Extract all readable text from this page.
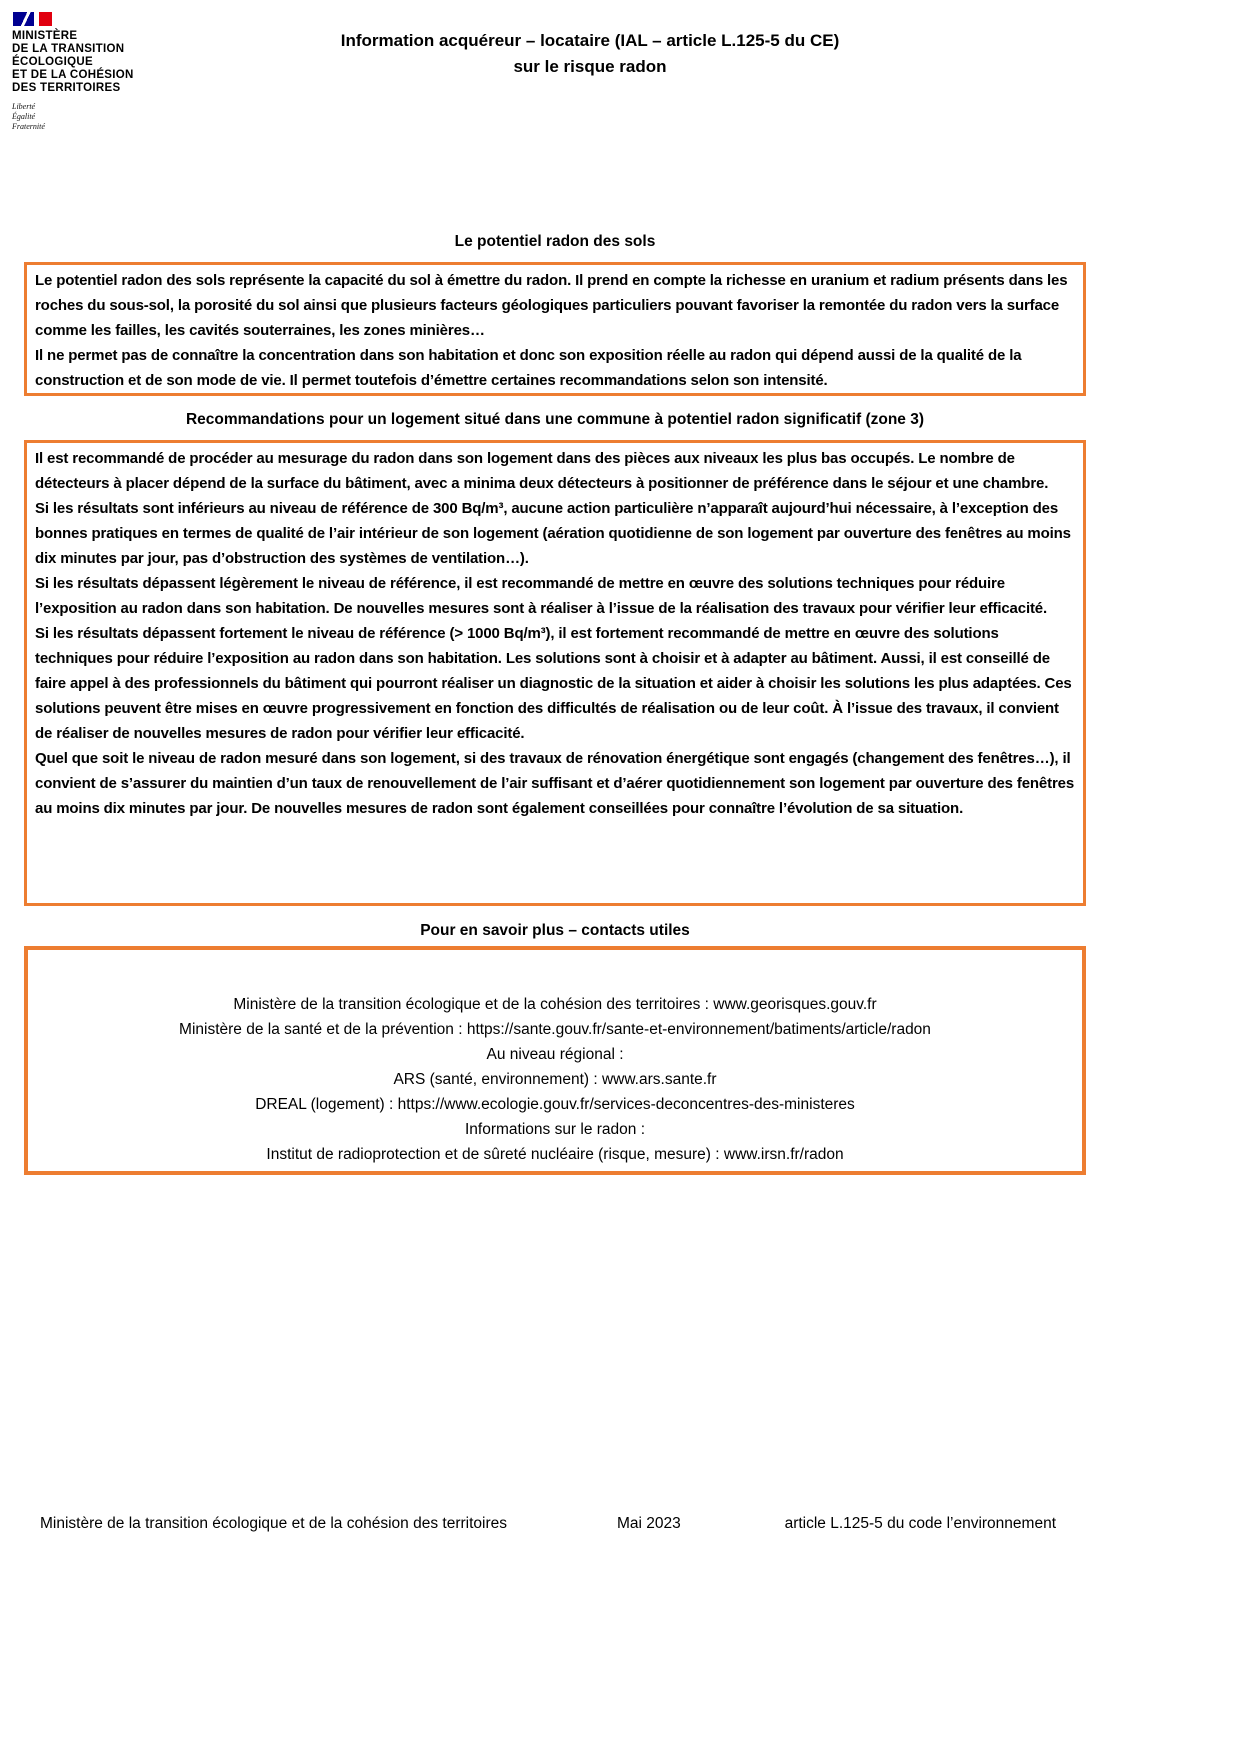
MINISTÈRE
DE LA TRANSITION
ÉCOLOGIQUE
ET DE LA COHÉSION
DES TERRITOIRES
Liberté
Égalité
Fraternité
Information acquéreur – locataire (IAL – article L.125-5 du CE)
sur le risque radon
Le potentiel radon des sols

Le potentiel radon des sols représente la capacité du sol à émettre du radon. Il prend en compte la richesse en uranium et radium présents dans les roches du sous-sol, la porosité du sol ainsi que plusieurs facteurs géologiques particuliers pouvant favoriser la remontée du radon vers la surface comme les failles, les cavités souterraines, les zones minières…

Il ne permet pas de connaître la concentration dans son habitation et donc son exposition réelle au radon qui dépend aussi de la qualité de la construction et de son mode de vie. Il permet toutefois d’émettre certaines recommandations selon son intensité.

Recommandations pour un logement situé dans une commune à potentiel radon significatif (zone 3)

Il est recommandé de procéder au mesurage du radon dans son logement dans des pièces aux niveaux les plus bas occupés. Le nombre de détecteurs à placer dépend de la surface du bâtiment, avec a minima deux détecteurs à positionner de préférence dans le séjour et une chambre.

Si les résultats sont inférieurs au niveau de référence de 300 Bq/m³, aucune action particulière n’apparaît aujourd’hui nécessaire, à l’exception des bonnes pratiques en termes de qualité de l’air intérieur de son logement (aération quotidienne de son logement par ouverture des fenêtres au moins dix minutes par jour, pas d’obstruction des systèmes de ventilation…).

Si les résultats dépassent légèrement le niveau de référence, il est recommandé de mettre en œuvre des solutions techniques pour réduire l’exposition au radon dans son habitation. De nouvelles mesures sont à réaliser à l’issue de la réalisation des travaux pour vérifier leur efficacité.

Si les résultats dépassent fortement le niveau de référence (> 1000 Bq/m³), il est fortement recommandé de mettre en œuvre des solutions techniques pour réduire l’exposition au radon dans son habitation. Les solutions sont à choisir et à adapter au bâtiment. Aussi, il est conseillé de faire appel à des professionnels du bâtiment qui pourront réaliser un diagnostic de la situation et aider à choisir les solutions les plus adaptées. Ces solutions peuvent être mises en œuvre progressivement en fonction des difficultés de réalisation ou de leur coût. À l’issue des travaux, il convient de réaliser de nouvelles mesures de radon pour vérifier leur efficacité.

Quel que soit le niveau de radon mesuré dans son logement, si des travaux de rénovation énergétique sont engagés (changement des fenêtres…), il convient de s’assurer du maintien d’un taux de renouvellement de l’air suffisant et d’aérer quotidiennement son logement par ouverture des fenêtres au moins dix minutes par jour. De nouvelles mesures de radon sont également conseillées pour connaître l’évolution de sa situation.

Pour en savoir plus – contacts utiles
Ministère de la transition écologique et de la cohésion des territoires : www.georisques.gouv.fr
Ministère de la santé et de la prévention : https://sante.gouv.fr/sante-et-environnement/batiments/article/radon
Au niveau régional :
ARS (santé, environnement) : www.ars.sante.fr
DREAL (logement) : https://www.ecologie.gouv.fr/services-deconcentres-des-ministeres
Informations sur le radon :
Institut de radioprotection et de sûreté nucléaire (risque, mesure) : www.irsn.fr/radon
Ministère de la transition écologique et de la cohésion des territoires	Mai 2023	article L.125-5 du code l’environnement
